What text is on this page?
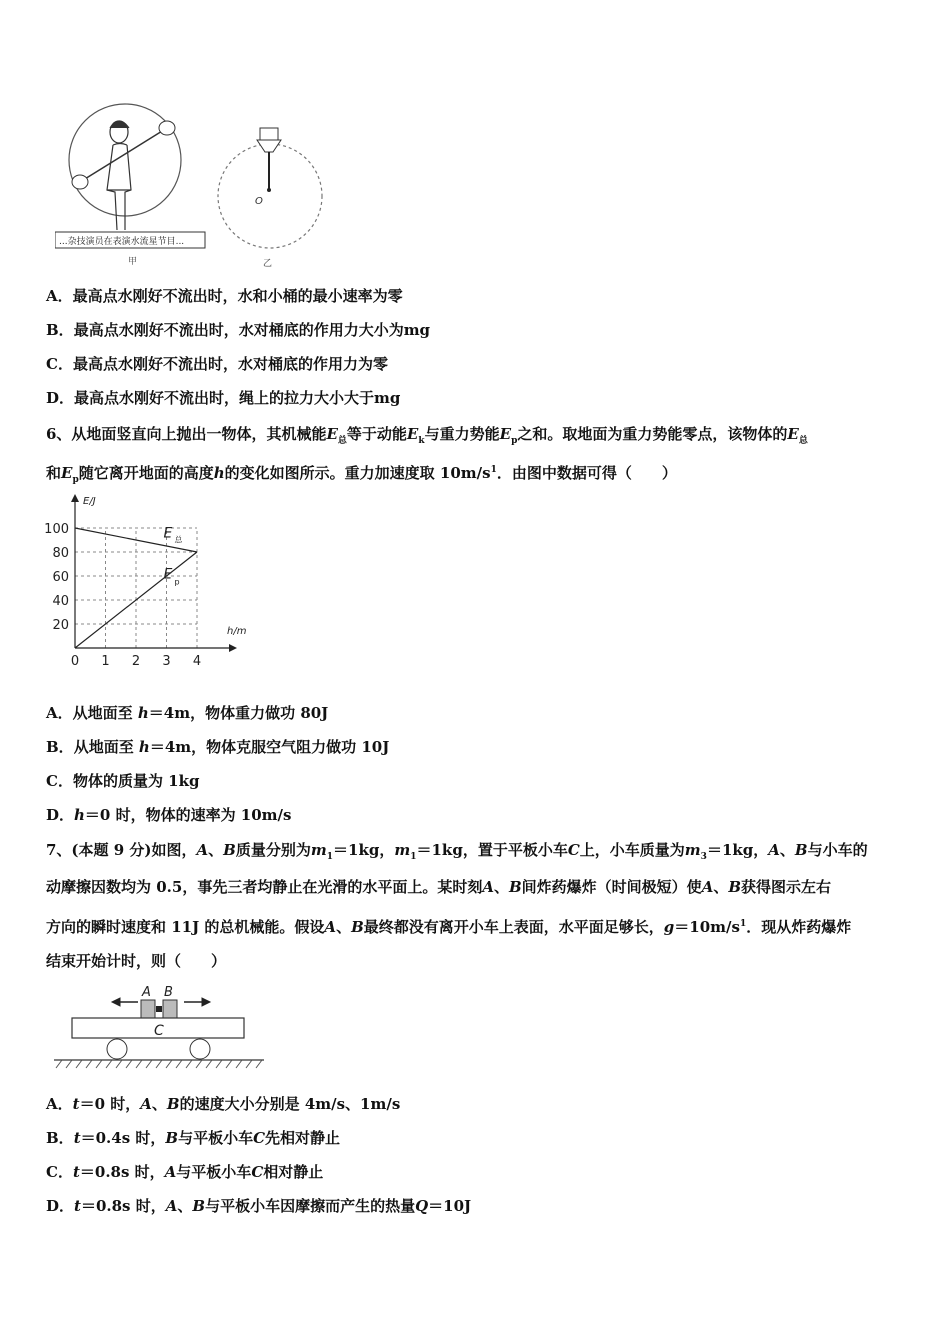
...杂技演员在表演水流星节目...
甲
O
乙
A．最高点水刚好不流出时，水和小桶的最小速率为零
B．最高点水刚好不流出时，水对桶底的作用力大小为mg
C．最高点水刚好不流出时，水对桶底的作用力为零
D．最高点水刚好不流出时，绳上的拉力大小大于mg
6、从地面竖直向上抛出一物体，其机械能$E_总$等于动能$E_k$与重力势能$E_p$之和。取地面为重力势能零点，该物体的$E_总$
和$E_p$随它离开地面的高度h的变化如图所示。重力加速度取 $10m/s^1$．由图中数据可得（　　）
20
40
60
80
100
0 1 2 3 4
E/J
h/m
E 总
E p
A．从地面至 h＝4m，物体重力做功 80J
B．从地面至 h＝4m，物体克服空气阻力做功 10J
C．物体的质量为 1kg
D．h＝0 时，物体的速率为 10m/s
7、(本题 9 分)如图，A、B质量分别为$m_1=1kg$，$m_1=1kg$，置于平板小车C上，小车质量为$m_3=1kg$，A、B与小车的
动摩擦因数均为 0.5，事先三者均静止在光滑的水平面上。某时刻A、B间炸药爆炸（时间极短）使A、B获得图示左右
方向的瞬时速度和 11J 的总机械能。假设A、B最终都没有离开小车上表面，水平面足够长，$g=10m/s^1$．现从炸药爆炸
结束开始计时，则（　　）
A B
C
A．t＝0 时，A、B的速度大小分别是 4m/s、1m/s
B．t＝0.4s 时，B与平板小车C先相对静止
C．t＝0.8s 时，A与平板小车C相对静止
D．t＝0.8s 时，A、B与平板小车因摩擦而产生的热量Q＝10J
